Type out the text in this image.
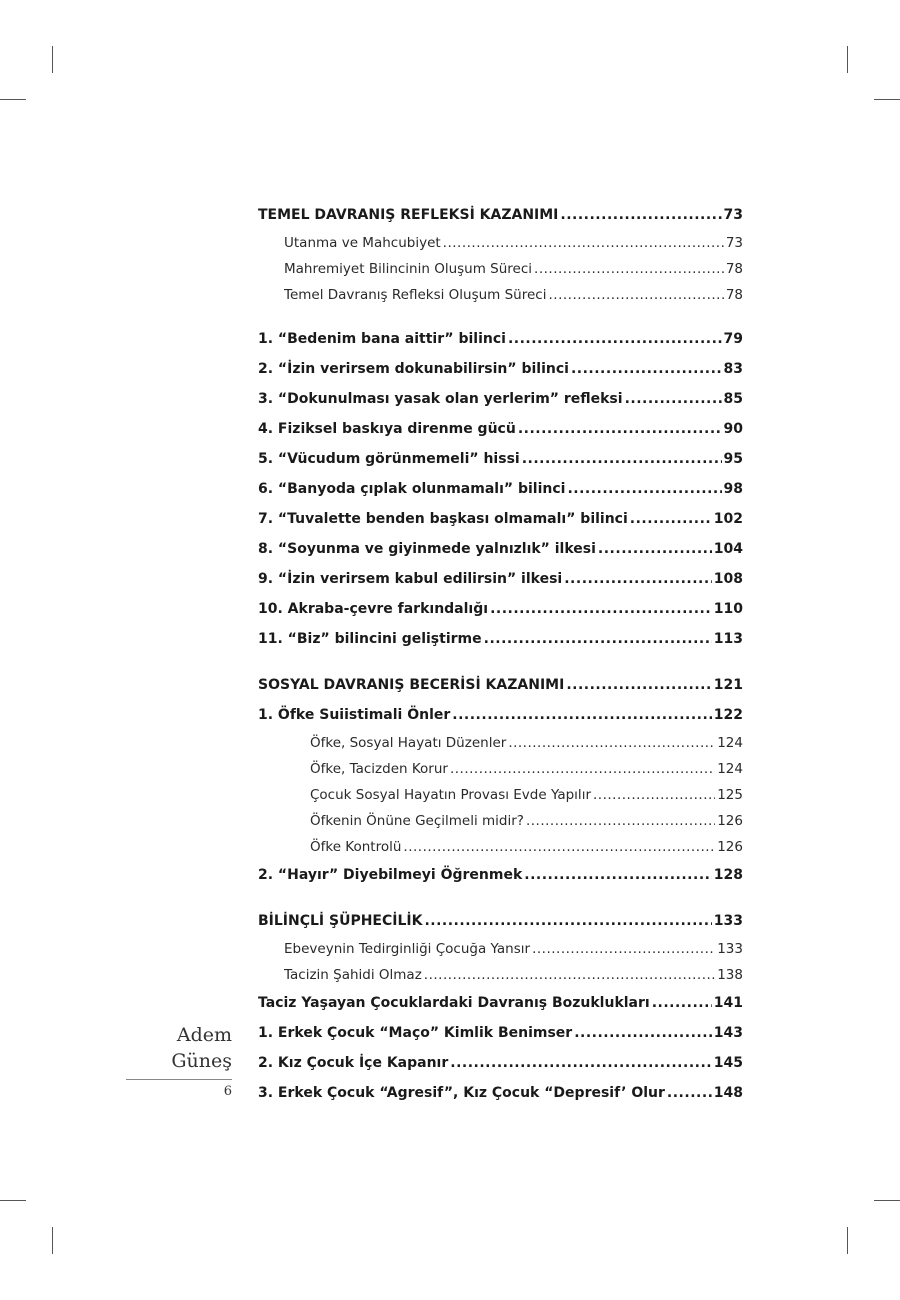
TEMEL DAVRANIŞ REFLEKSİ KAZANIMI .....	73
Utanma ve Mahcubiyet .....	73
Mahremiyet Bilincinin Oluşum Süreci .....	78
Temel Davranış Refleksi Oluşum Süreci .....	78
1. “Bedenim bana aittir” bilinci .....	79
2. “İzin verirsem dokunabilirsin” bilinci .....	83
3. “Dokunulması yasak olan yerlerim” refleksi .....	85
4. Fiziksel baskıya direnme gücü .....	90
5. “Vücudum görünmemeli” hissi .....	95
6. “Banyoda çıplak olunmamalı” bilinci .....	98
7. “Tuvalette benden başkası olmamalı” bilinci .....	102
8. “Soyunma ve giyinmede yalnızlık” ilkesi .....	104
9. “İzin verirsem kabul edilirsin” ilkesi .....	108
10. Akraba-çevre farkındalığı .....	110
11. “Biz” bilincini geliştirme .....	113
SOSYAL DAVRANIŞ BECERİSİ KAZANIMI .....	121
1. Öfke Suiistimali Önler .....	122
Öfke, Sosyal Hayatı Düzenler .....	124
Öfke, Tacizden Korur .....	124
Çocuk Sosyal Hayatın Provası Evde Yapılır .....	125
Öfkenin Önüne Geçilmeli midir? .....	126
Öfke Kontrolü .....	126
2. “Hayır” Diyebilmeyi Öğrenmek .....	128
BİLİNÇLİ ŞÜPHECİLİK .....	133
Ebeveynin Tedirginliği Çocuğa Yansır .....	133
Tacizin Şahidi Olmaz .....	138
Taciz Yaşayan Çocuklardaki Davranış Bozuklukları .....	141
1. Erkek Çocuk “Maço” Kimlik Benimser .....	143
2. Kız Çocuk İçe Kapanır .....	145
3. Erkek Çocuk “Agresif”, Kız Çocuk “Depresif’ Olur .....	148
Adem
Güneş
6
